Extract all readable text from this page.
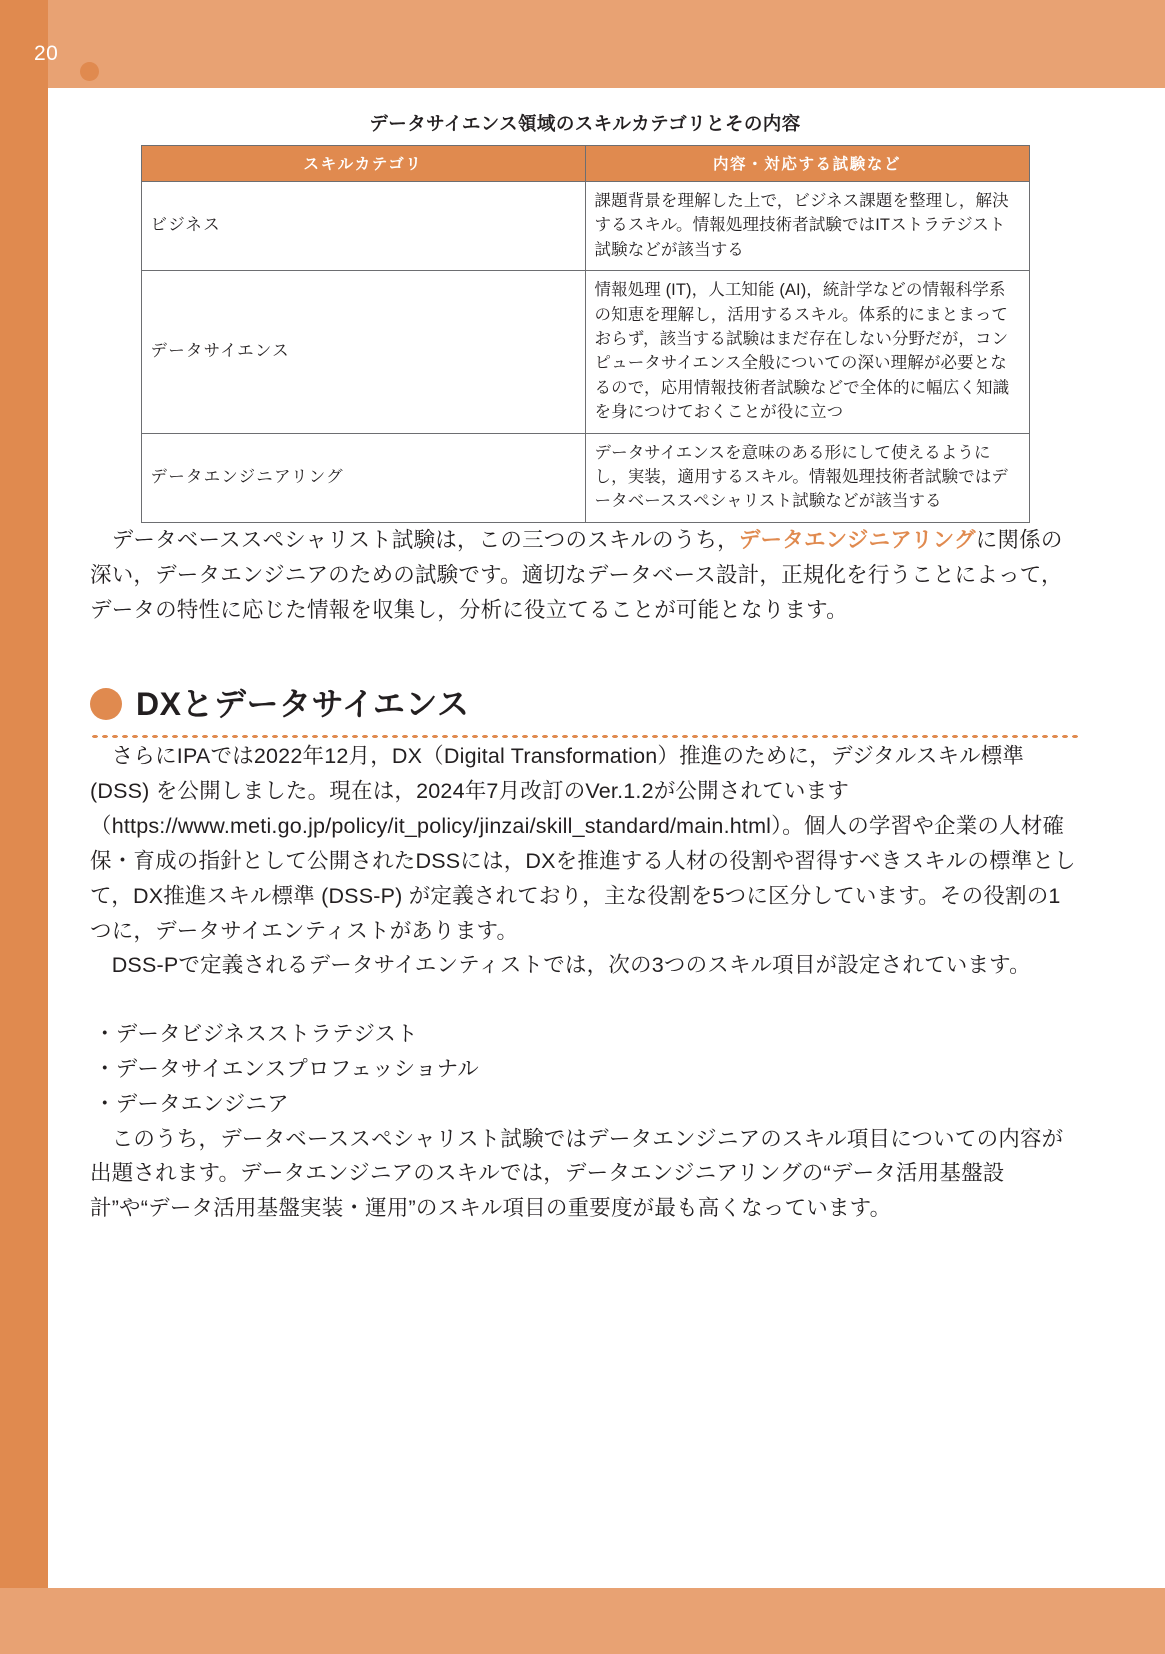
20
データサイエンス領域のスキルカテゴリとその内容
スキルカテゴリ	内容・対応する試験など
ビジネス	課題背景を理解した上で，ビジネス課題を整理し，解決するスキル。情報処理技術者試験ではITストラテジスト試験などが該当する
データサイエンス	情報処理 (IT)，人工知能 (AI)，統計学などの情報科学系の知恵を理解し，活用するスキル。体系的にまとまっておらず，該当する試験はまだ存在しない分野だが，コンピュータサイエンス全般についての深い理解が必要となるので，応用情報技術者試験などで全体的に幅広く知識を身につけておくことが役に立つ
データエンジニアリング	データサイエンスを意味のある形にして使えるようにし，実装，適用するスキル。情報処理技術者試験ではデータベーススペシャリスト試験などが該当する

　データベーススペシャリスト試験は，この三つのスキルのうち，データエンジニアリングに関係の深い，データエンジニアのための試験です。適切なデータベース設計，正規化を行うことによって，データの特性に応じた情報を収集し，分析に役立てることが可能となります。

DXとデータサイエンス

　さらにIPAでは2022年12月，DX（Digital Transformation）推進のために，デジタルスキル標準 (DSS) を公開しました。現在は，2024年7月改訂のVer.1.2が公開されています（https://www.meti.go.jp/policy/it_policy/jinzai/skill_standard/main.html）。個人の学習や企業の人材確保・育成の指針として公開されたDSSには，DXを推進する人材の役割や習得すべきスキルの標準として，DX推進スキル標準 (DSS-P) が定義されており，主な役割を5つに区分しています。その役割の1つに，データサイエンティストがあります。

　DSS-Pで定義されるデータサイエンティストでは，次の3つのスキル項目が設定されています。

・データビジネスストラテジスト
・データサイエンスプロフェッショナル
・データエンジニア

　このうち，データベーススペシャリスト試験ではデータエンジニアのスキル項目についての内容が出題されます。データエンジニアのスキルでは，データエンジニアリングの“データ活用基盤設計”や“データ活用基盤実装・運用”のスキル項目の重要度が最も高くなっています。
